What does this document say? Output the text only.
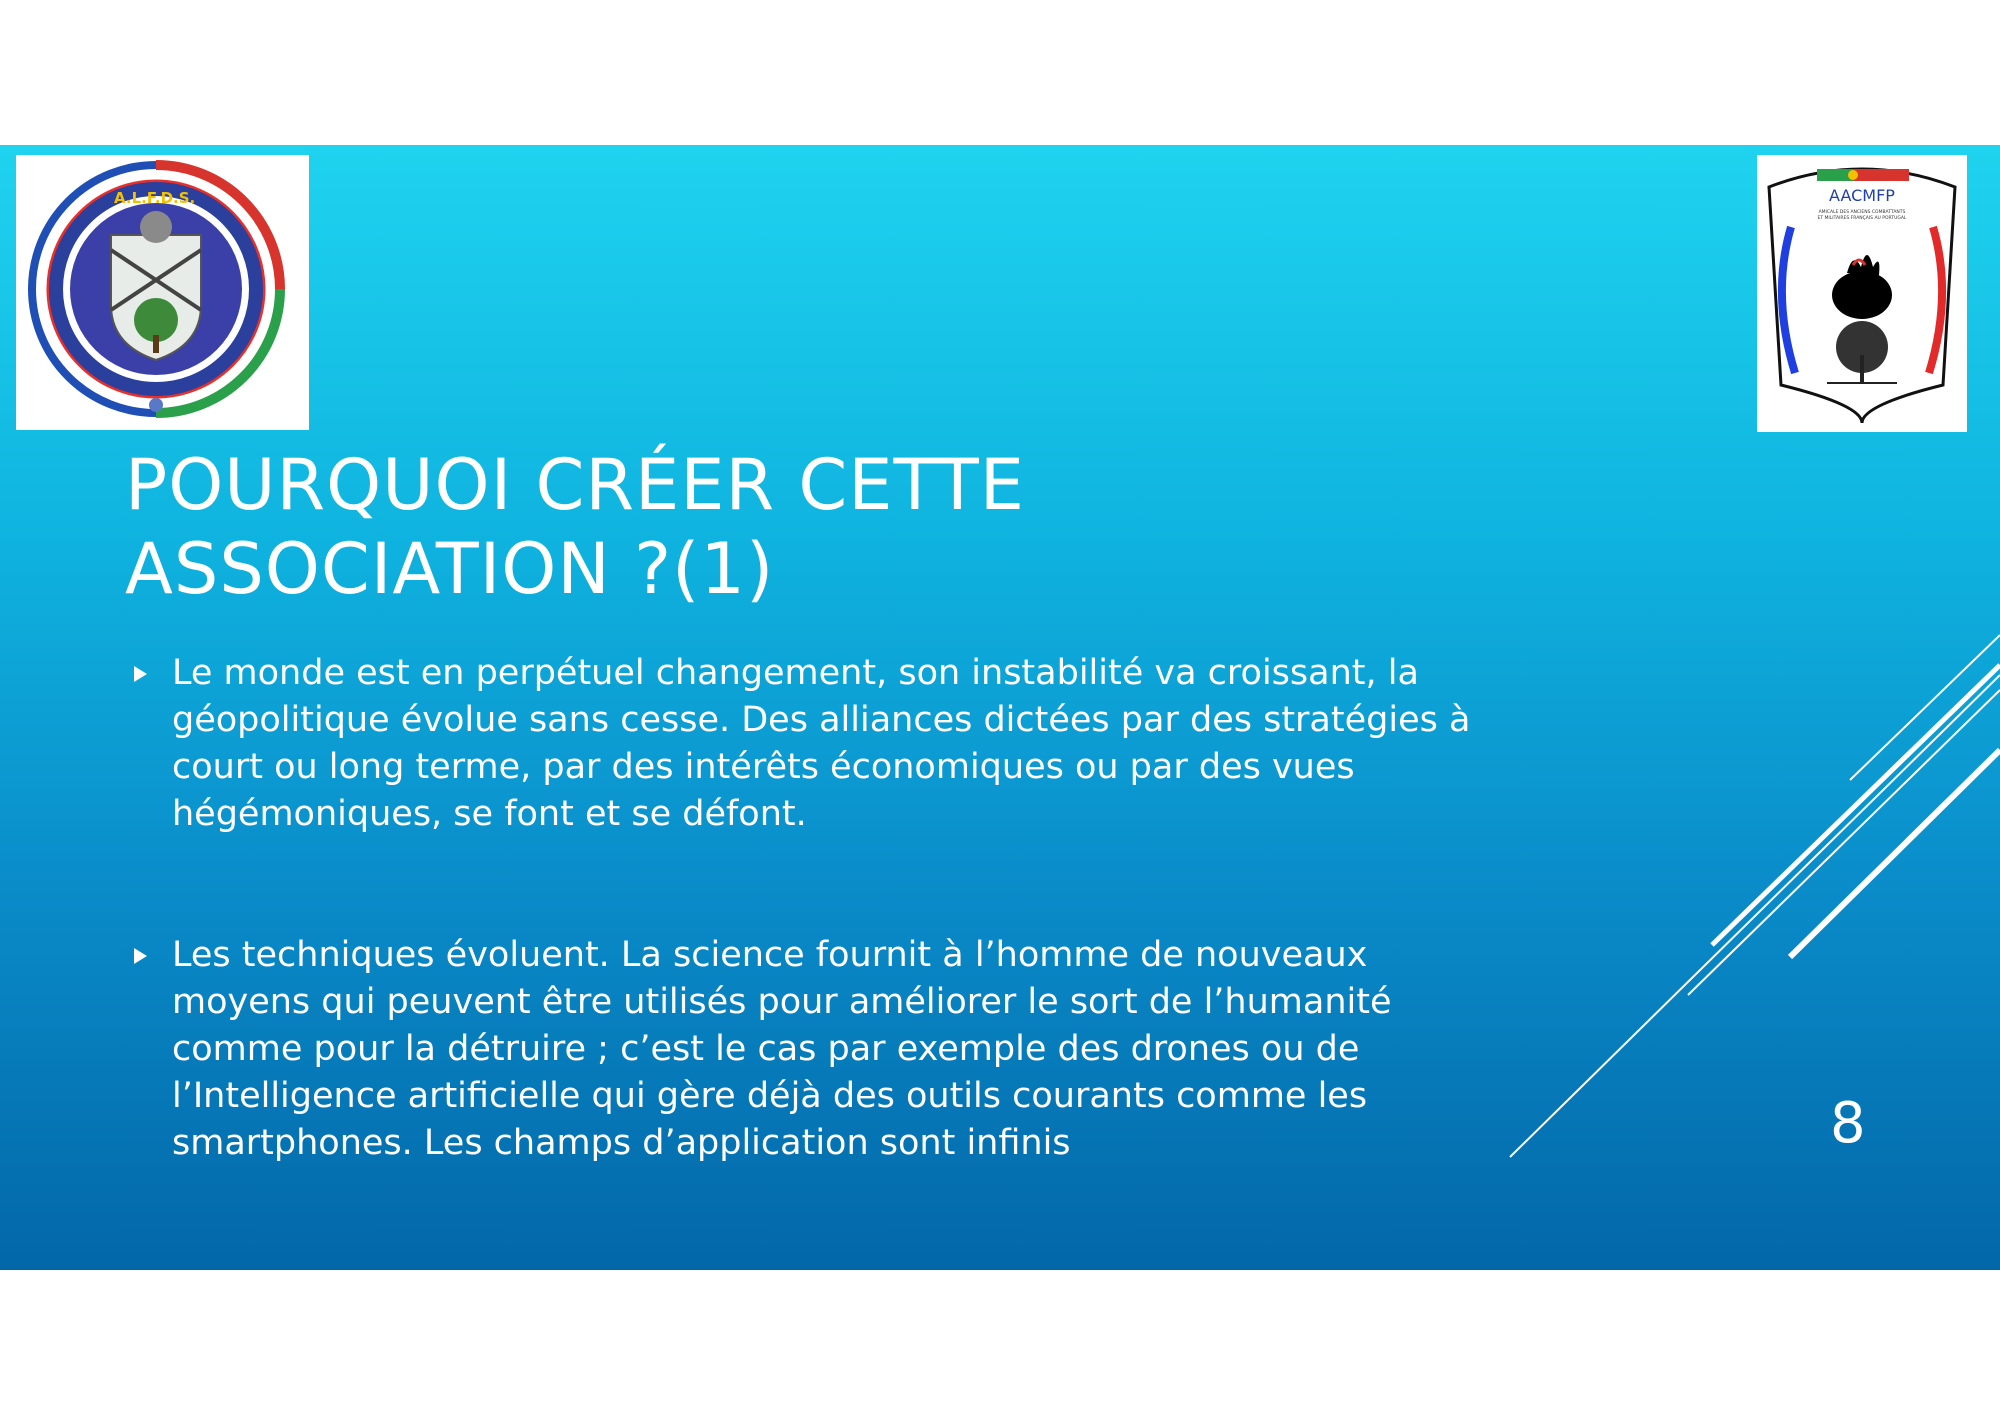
A.L.F.D.S.	AACMFP
AMICALE DES ANCIENS COMBATTANTS
ET MILITAIRES FRANÇAIS AU PORTUGAL
POURQUOI CRÉER CETTE
ASSOCIATION ?(1)
Le monde est en perpétuel changement, son instabilité va croissant, la géopolitique évolue sans cesse. Des alliances dictées par des stratégies à court ou long terme, par des intérêts économiques ou par des vues hégémoniques, se font et se défont.
Les techniques évoluent. La science fournit à l’homme de nouveaux moyens qui peuvent être utilisés pour améliorer le sort de l’humanité comme pour la détruire ; c’est le cas par exemple des drones ou de l’Intelligence artificielle qui gère déjà des outils courants comme les smartphones. Les champs d’application sont infinis	8
